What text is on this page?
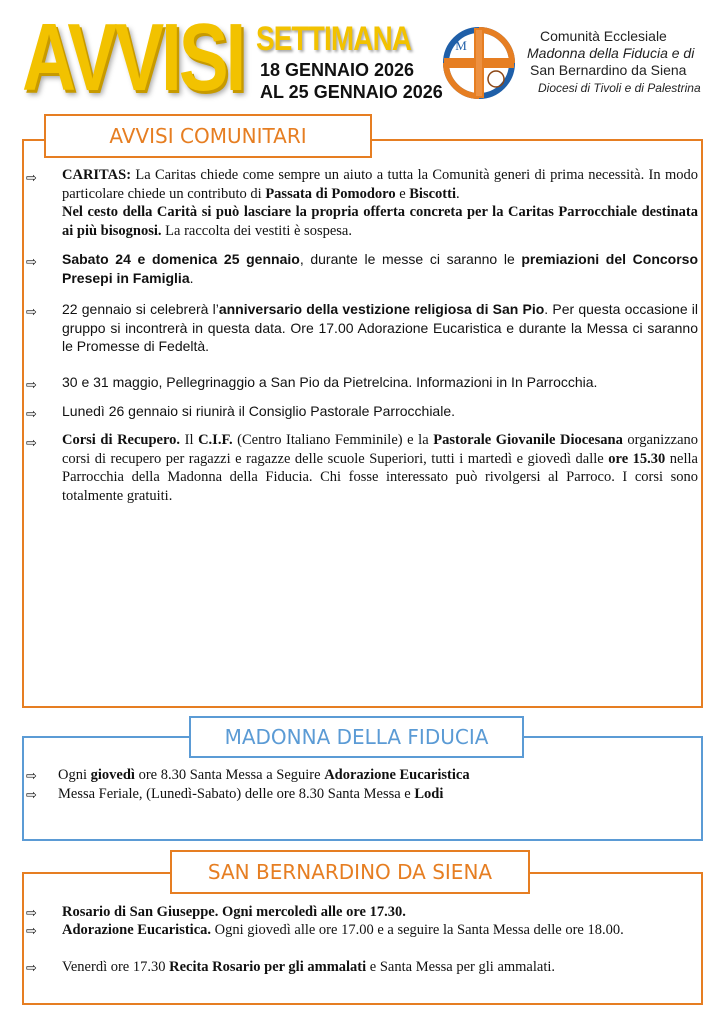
AVVISI SETTIMANA
18 GENNAIO 2026
AL 25 GENNAIO 2026
M
Comunità Ecclesiale
Madonna della Fiducia e di
San Bernardino da Siena
Diocesi di Tivoli e di Palestrina
AVVISI COMUNITARI
⇨ CARITAS: La Caritas chiede come sempre un aiuto a tutta la Comunità generi di prima necessità. In modo particolare chiede un contributo di Passata di Pomodoro e Biscotti.
Nel cesto della Carità si può lasciare la propria offerta concreta per la Caritas Parrocchiale destinata ai più bisognosi. La raccolta dei vestiti è sospesa.
⇨ Sabato 24 e domenica 25 gennaio, durante le messe ci saranno le premiazioni del Concorso Presepi in Famiglia.
⇨ 22 gennaio si celebrerà l’anniversario della vestizione religiosa di San Pio. Per questa occasione il gruppo si incontrerà in questa data. Ore 17.00 Adorazione Eucaristica e durante la Messa ci saranno le Promesse di Fedeltà.
⇨ 30 e 31 maggio, Pellegrinaggio a San Pio da Pietrelcina. Informazioni in In Parrocchia.
⇨ Lunedì 26 gennaio si riunirà il Consiglio Pastorale Parrocchiale.
⇨ Corsi di Recupero. Il C.I.F. (Centro Italiano Femminile) e la Pastorale Giovanile Diocesana organizzano corsi di recupero per ragazzi e ragazze delle scuole Superiori, tutti i martedì e giovedì dalle ore 15.30 nella Parrocchia della Madonna della Fiducia. Chi fosse interessato può rivolgersi al Parroco. I corsi sono totalmente gratuiti.
MADONNA DELLA FIDUCIA
⇨ Ogni giovedì ore 8.30 Santa Messa a Seguire Adorazione Eucaristica
⇨ Messa Feriale, (Lunedì-Sabato) delle ore 8.30 Santa Messa e Lodi
SAN BERNARDINO DA SIENA
⇨ Rosario di San Giuseppe. Ogni mercoledì alle ore 17.30.
⇨ Adorazione Eucaristica. Ogni giovedì alle ore 17.00 e a seguire la Santa Messa delle ore 18.00.
⇨ Venerdì ore 17.30 Recita Rosario per gli ammalati e Santa Messa per gli ammalati.
